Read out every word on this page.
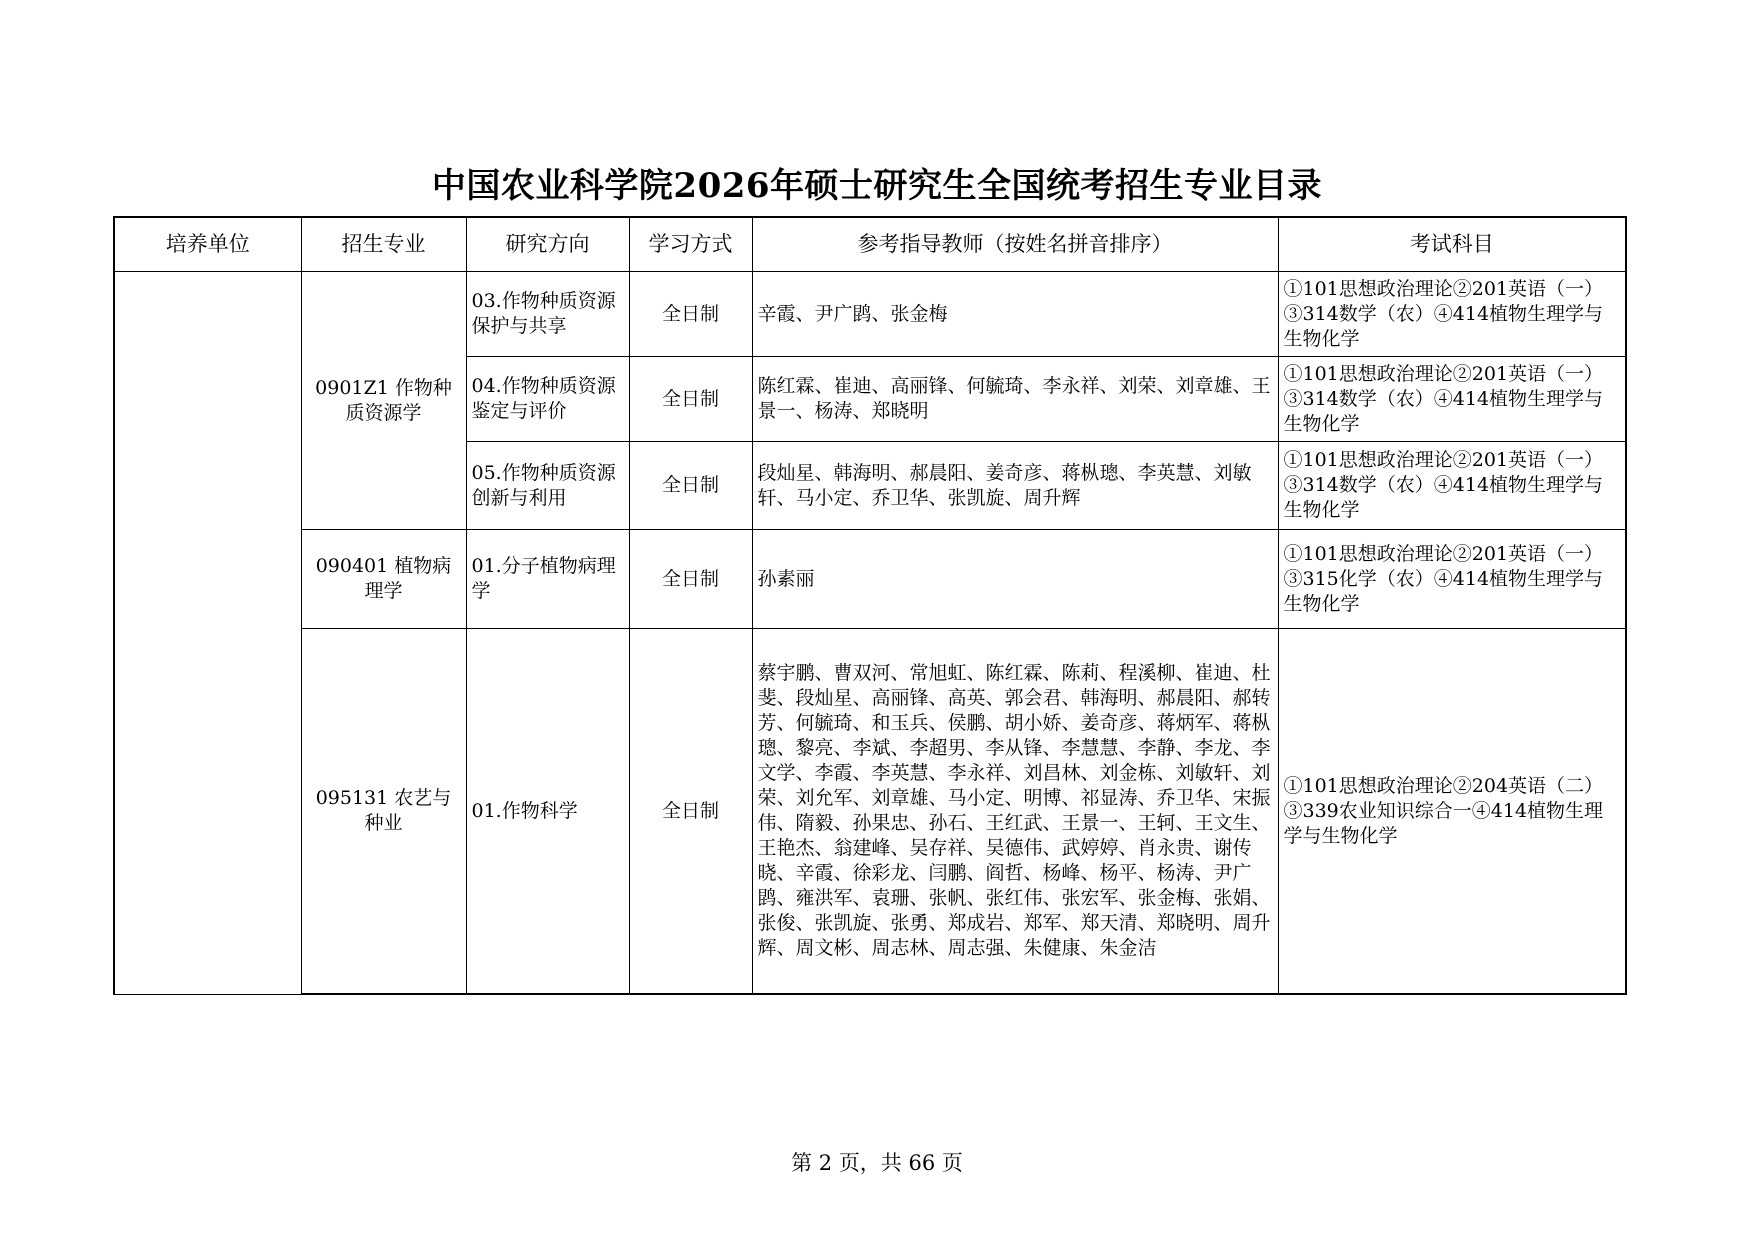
中国农业科学院2026年硕士研究生全国统考招生专业目录
培养单位	招生专业	研究方向	学习方式	参考指导教师（按姓名拼音排序）	考试科目
	0901Z1 作物种质资源学	03.作物种质资源保护与共享	全日制	辛霞、尹广鹍、张金梅	①101思想政治理论②201英语（一）③314数学（农）④414植物生理学与生物化学
		04.作物种质资源鉴定与评价	全日制	陈红霖、崔迪、高丽锋、何毓琦、李永祥、刘荣、刘章雄、王景一、杨涛、郑晓明	①101思想政治理论②201英语（一）③314数学（农）④414植物生理学与生物化学
		05.作物种质资源创新与利用	全日制	段灿星、韩海明、郝晨阳、姜奇彦、蒋枞璁、李英慧、刘敏轩、马小定、乔卫华、张凯旋、周升辉	①101思想政治理论②201英语（一）③314数学（农）④414植物生理学与生物化学
	090401 植物病理学	01.分子植物病理学	全日制	孙素丽	①101思想政治理论②201英语（一）③315化学（农）④414植物生理学与生物化学
	095131 农艺与种业	01.作物科学	全日制	蔡宇鹏、曹双河、常旭虹、陈红霖、陈莉、程溪柳、崔迪、杜斐、段灿星、高丽锋、高英、郭会君、韩海明、郝晨阳、郝转芳、何毓琦、和玉兵、侯鹏、胡小娇、姜奇彦、蒋炳军、蒋枞璁、黎亮、李斌、李超男、李从锋、李慧慧、李静、李龙、李文学、李霞、李英慧、李永祥、刘昌林、刘金栋、刘敏轩、刘荣、刘允军、刘章雄、马小定、明博、祁显涛、乔卫华、宋振伟、隋毅、孙果忠、孙石、王红武、王景一、王轲、王文生、王艳杰、翁建峰、吴存祥、吴德伟、武婷婷、肖永贵、谢传晓、辛霞、徐彩龙、闫鹏、阎哲、杨峰、杨平、杨涛、尹广鹍、雍洪军、袁珊、张帆、张红伟、张宏军、张金梅、张娟、张俊、张凯旋、张勇、郑成岩、郑军、郑天清、郑晓明、周升辉、周文彬、周志林、周志强、朱健康、朱金洁	①101思想政治理论②204英语（二）③339农业知识综合一④414植物生理学与生物化学
第 2 页，共 66 页
